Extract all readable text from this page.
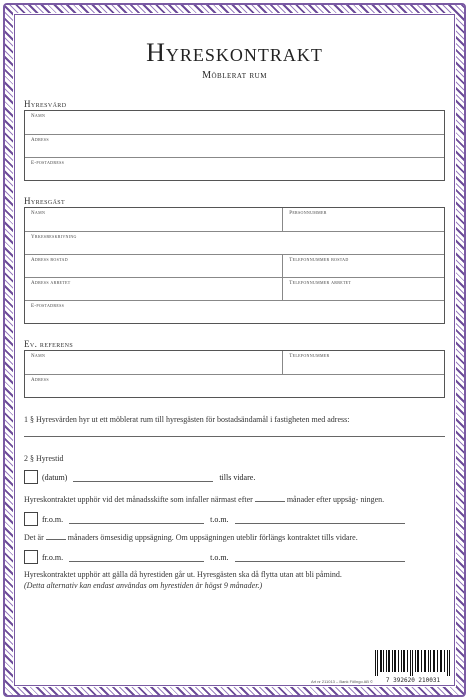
Hyreskontrakt
Möblerat rum
Hyresvärd
Namn
Adress
E-postadress
Hyresgäst
Namn	Personnummer
Yrkesbeskrivning
Adress bostad	Telefonnummer bostad
Adress arbetet	Telefonnummer arbetet
E-postadress
Ev. referens
Namn	Telefonnummer
Adress
1 § Hyresvärden hyr ut ett möblerat rum till hyresgästen för bostadsändamål i fastigheten med adress:
2 § Hyrestid
(datum)	tills vidare.
Hyreskontraktet upphör vid det månadsskifte som infaller närmast efter	månader efter uppsäg- ningen.
fr.o.m.	t.o.m.
Det är	månaders ömsesidig uppsägning. Om uppsägningen uteblir förlängs kontraktet tills vidare.
fr.o.m.	t.o.m.
Hyreskontraktet upphör att gälla då hyrestiden går ut. Hyresgästen ska då flytta utan att bli påmind.
(Detta alternativ kan endast användas om hyrestiden är högst 9 månader.)
Art nr 211013 – Bank Föllngo AB ©	7 392620 210031
